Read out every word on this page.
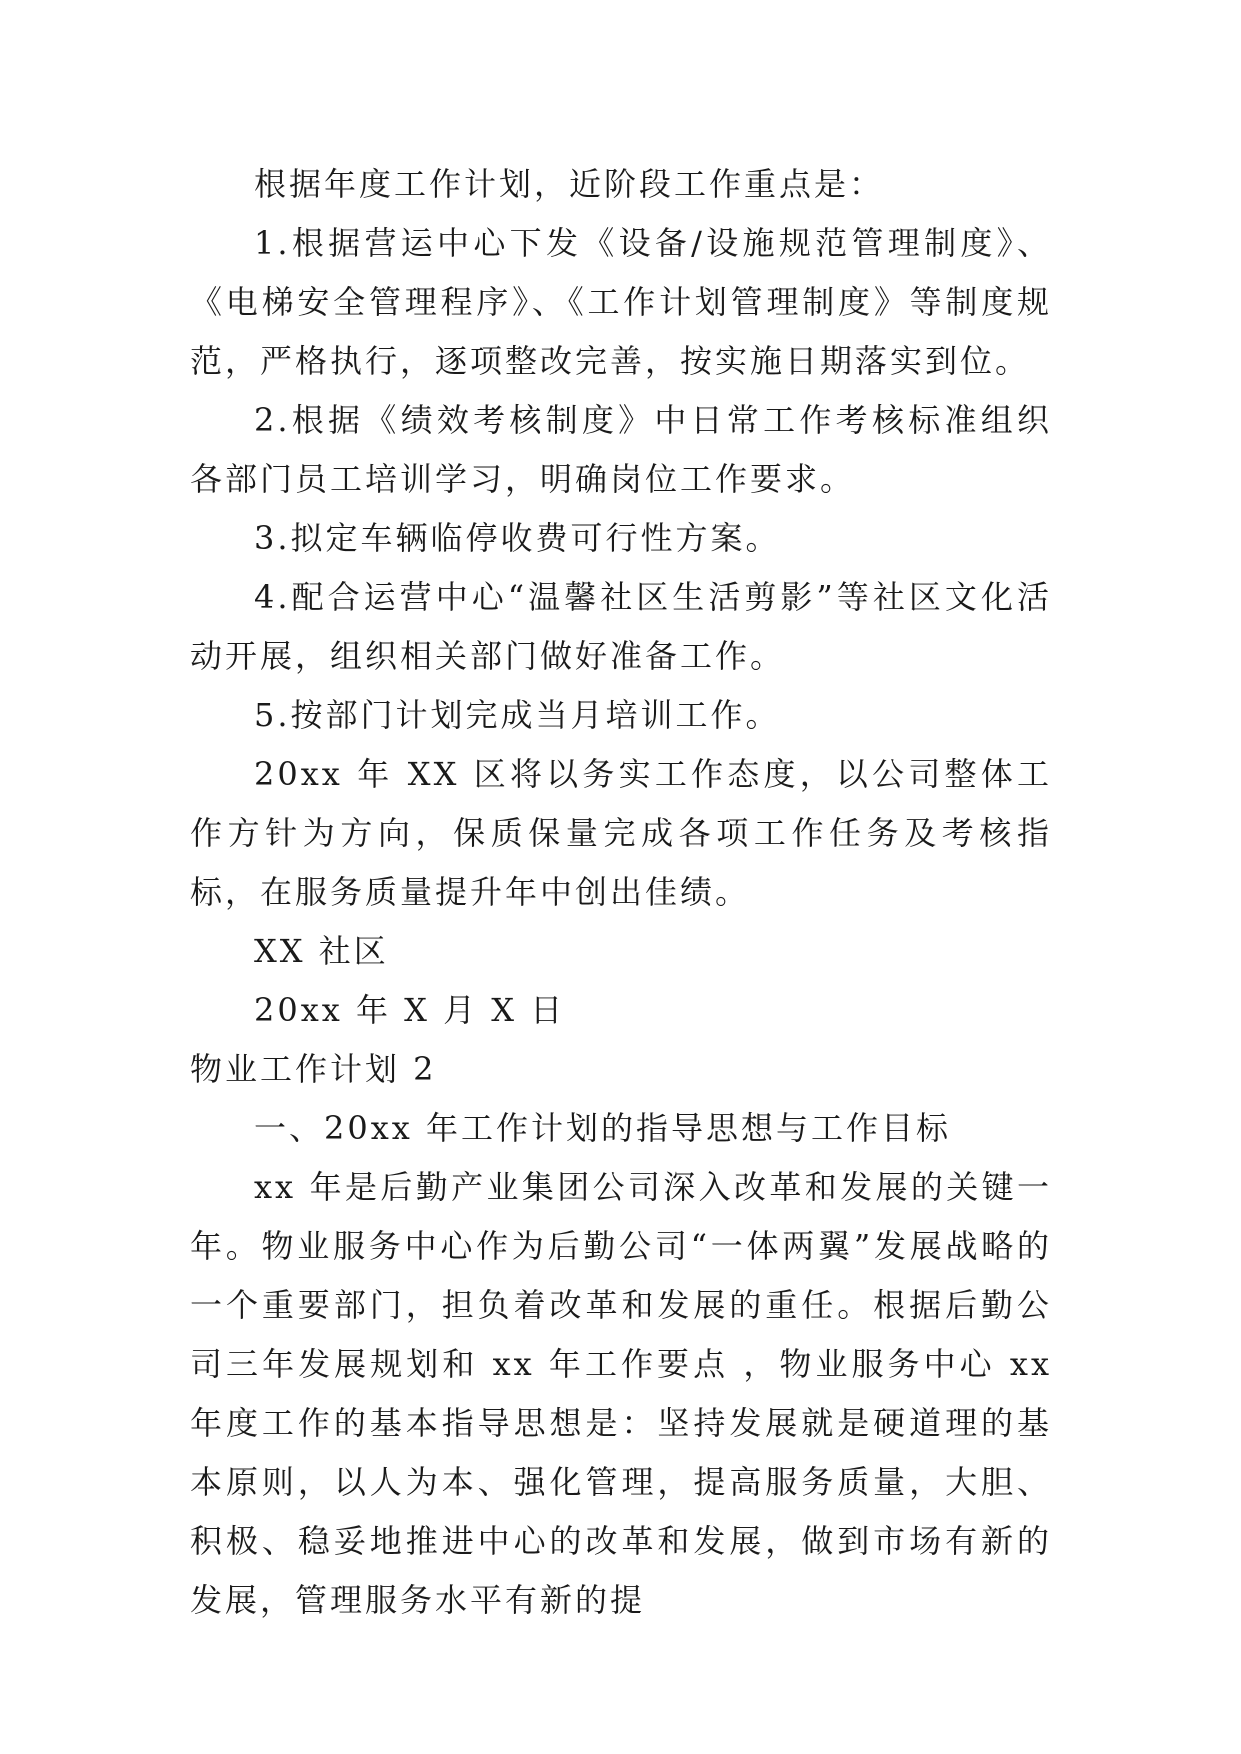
根据年度工作计划，近阶段工作重点是：

1.根据营运中心下发《设备/设施规范管理制度》、《电梯安全管理程序》、《工作计划管理制度》等制度规范，严格执行，逐项整改完善，按实施日期落实到位。

2.根据《绩效考核制度》中日常工作考核标准组织各部门员工培训学习，明确岗位工作要求。

3.拟定车辆临停收费可行性方案。

4.配合运营中心“温馨社区生活剪影”等社区文化活动开展，组织相关部门做好准备工作。

5.按部门计划完成当月培训工作。

20xx 年 XX 区将以务实工作态度，以公司整体工作方针为方向，保质保量完成各项工作任务及考核指标，在服务质量提升年中创出佳绩。

XX 社区

20xx 年 X 月 X 日

物业工作计划 2

一、20xx 年工作计划的指导思想与工作目标

xx 年是后勤产业集团公司深入改革和发展的关键一年。物业服务中心作为后勤公司“一体两翼”发展战略的一个重要部门，担负着改革和发展的重任。根据后勤公司三年发展规划和 xx 年工作要点 ，物业服务中心 xx 年度工作的基本指导思想是：坚持发展就是硬道理的基本原则，以人为本、强化管理，提高服务质量，大胆、积极、稳妥地推进中心的改革和发展，做到市场有新的发展，管理服务水平有新的提
